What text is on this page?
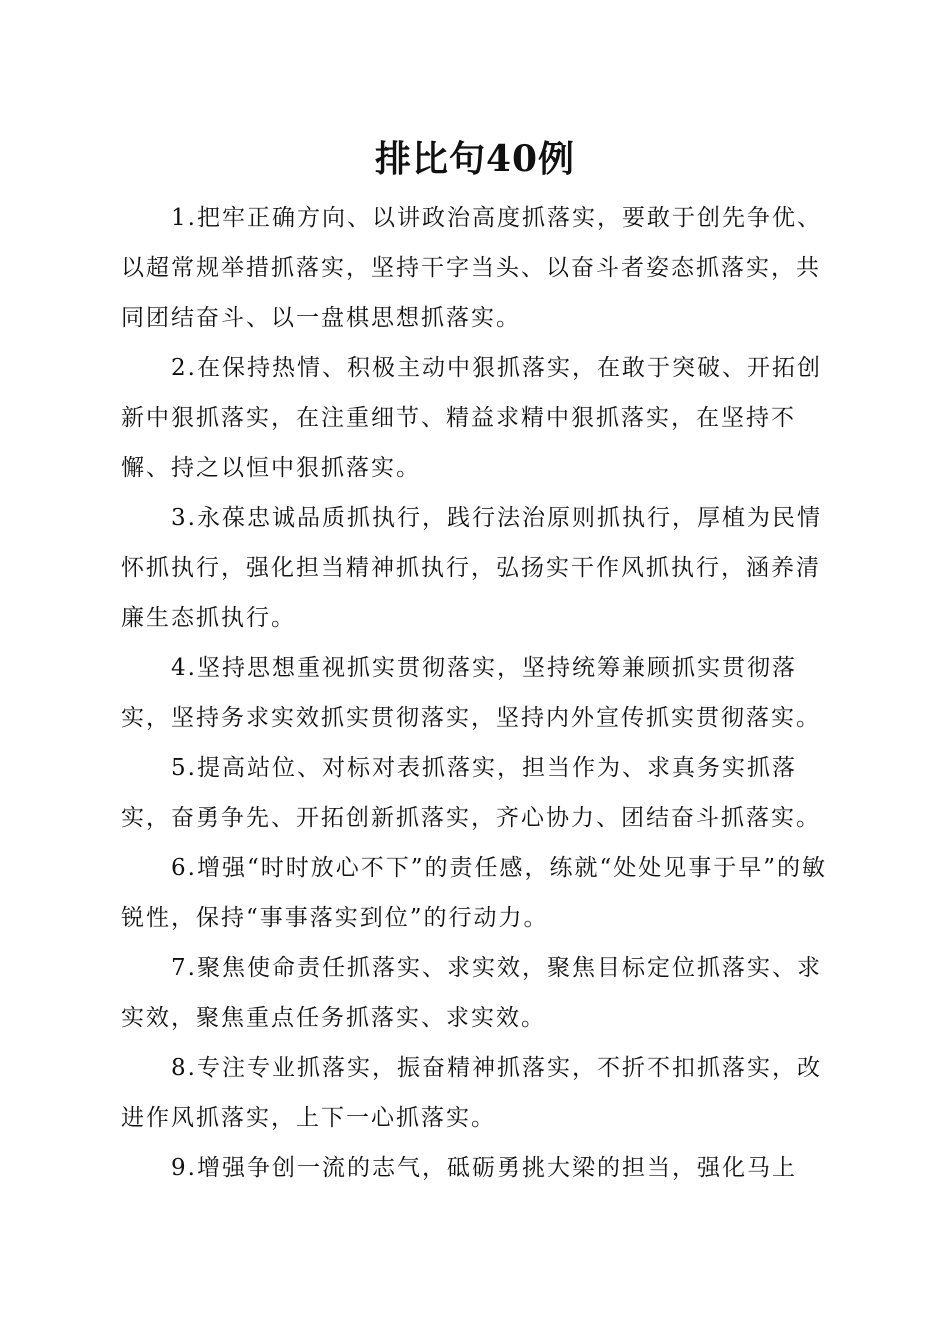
排比句40例

1.把牢正确方向、以讲政治高度抓落实，要敢于创先争优、以超常规举措抓落实，坚持干字当头、以奋斗者姿态抓落实，共同团结奋斗、以一盘棋思想抓落实。

2.在保持热情、积极主动中狠抓落实，在敢于突破、开拓创新中狠抓落实，在注重细节、精益求精中狠抓落实，在坚持不懈、持之以恒中狠抓落实。

3.永葆忠诚品质抓执行，践行法治原则抓执行，厚植为民情怀抓执行，强化担当精神抓执行，弘扬实干作风抓执行，涵养清廉生态抓执行。

4.坚持思想重视抓实贯彻落实，坚持统筹兼顾抓实贯彻落实，坚持务求实效抓实贯彻落实，坚持内外宣传抓实贯彻落实。

5.提高站位、对标对表抓落实，担当作为、求真务实抓落实，奋勇争先、开拓创新抓落实，齐心协力、团结奋斗抓落实。

6.增强“时时放心不下”的责任感，练就“处处见事于早”的敏锐性，保持“事事落实到位”的行动力。

7.聚焦使命责任抓落实、求实效，聚焦目标定位抓落实、求实效，聚焦重点任务抓落实、求实效。

8.专注专业抓落实，振奋精神抓落实，不折不扣抓落实，改进作风抓落实，上下一心抓落实。

9.增强争创一流的志气，砥砺勇挑大梁的担当，强化马上
